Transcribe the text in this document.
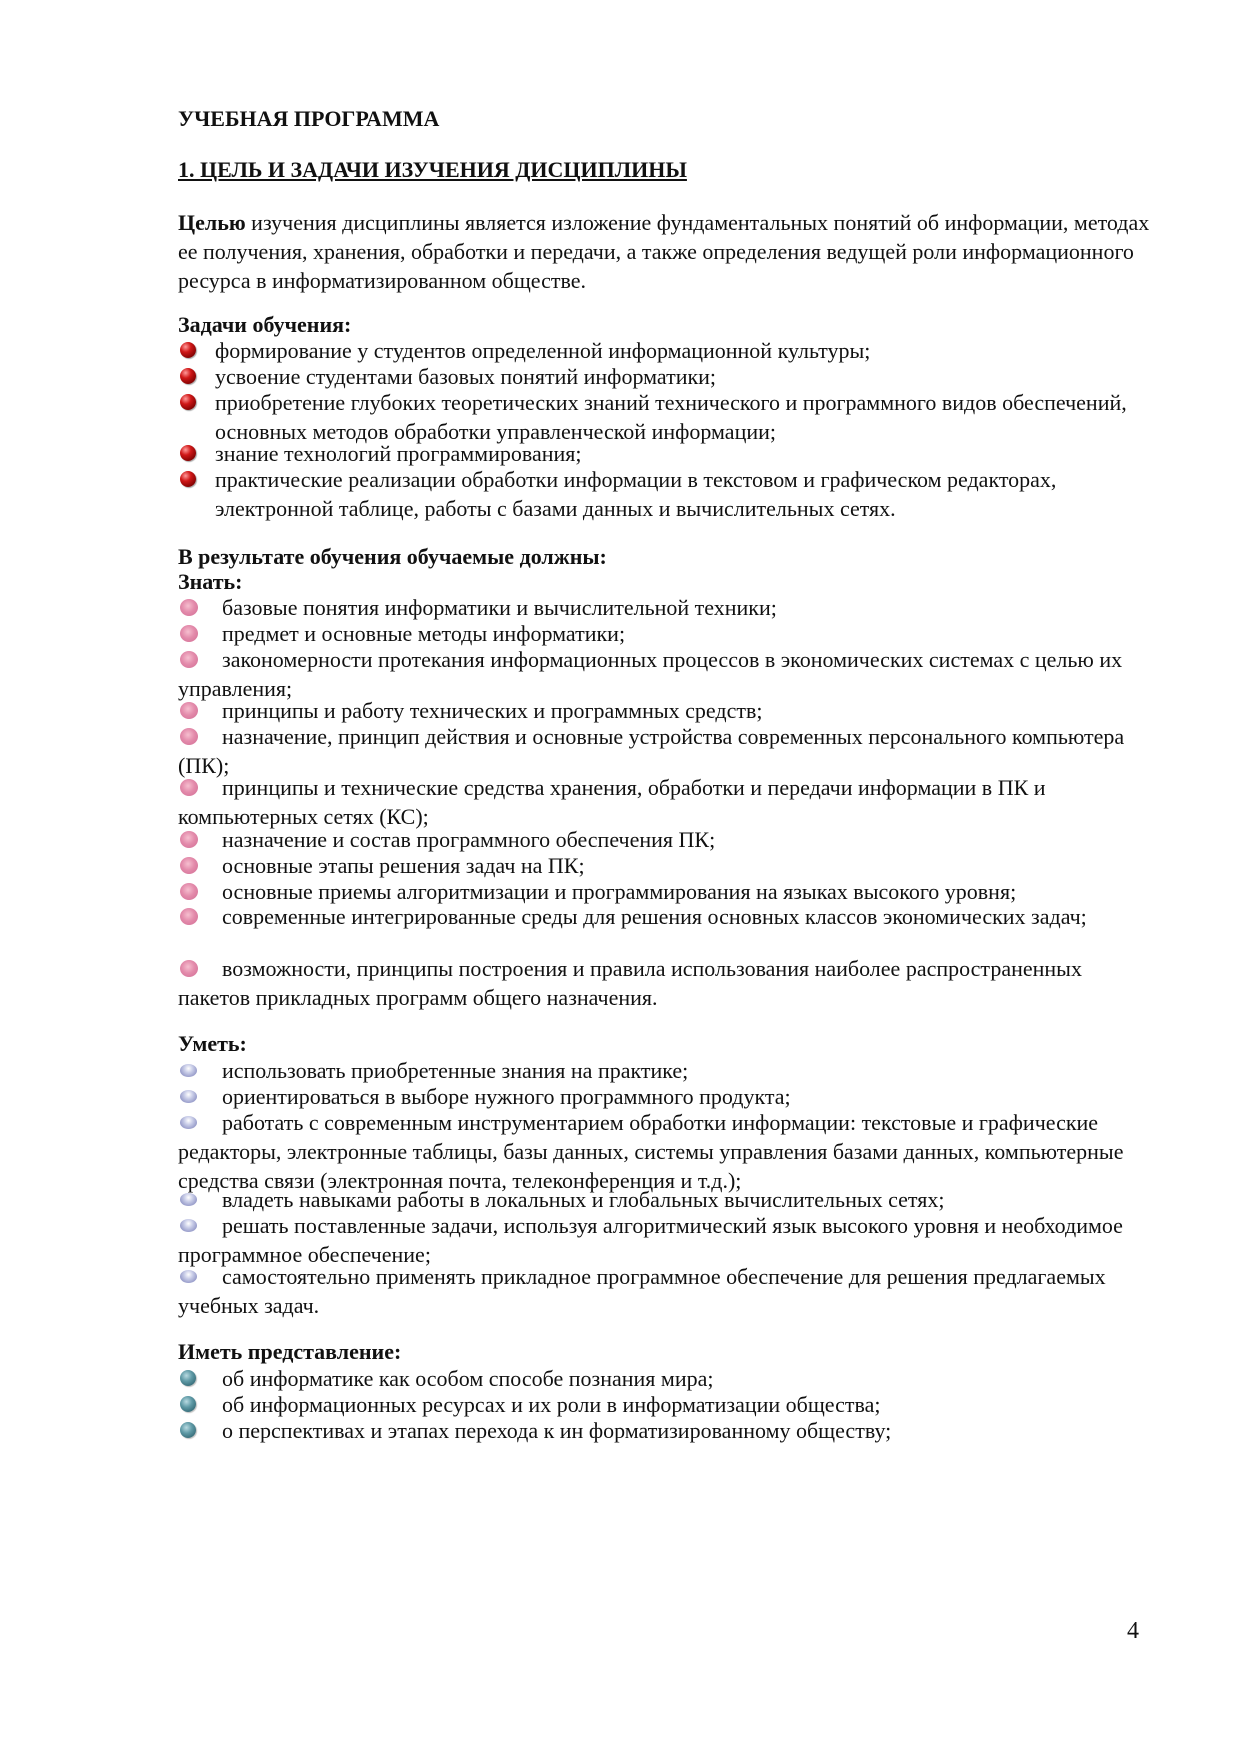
УЧЕБНАЯ ПРОГРАММА
1. ЦЕЛЬ И ЗАДАЧИ ИЗУЧЕНИЯ ДИСЦИПЛИНЫ
Целью изучения дисциплины является изложение фундаментальных понятий об информации, методах ее получения, хранения, обработки и передачи, а также определения ведущей роли информационного ресурса в информатизированном обществе.
Задачи обучения:
формирование у студентов определенной информационной культуры;
усвоение студентами базовых понятий информатики;
приобретение глубоких теоретических знаний технического и программного видов обеспечений, основных методов обработки управленческой информации;
знание технологий программирования;
практические реализации обработки информации в текстовом и графическом редакторах, электронной таблице, работы с базами данных и вычислительных сетях.
В результате обучения обучаемые должны:
Знать:
базовые понятия информатики и вычислительной техники;
предмет и основные методы информатики;
закономерности протекания информационных процессов в экономических системах с целью их управления;
принципы и работу технических и программных средств;
назначение, принцип действия и основные устройства современных персонального компьютера (ПК);
принципы и технические средства хранения, обработки и передачи информации в ПК и компьютерных сетях (КС);
назначение и состав программного обеспечения ПК;
основные этапы решения задач на ПК;
основные приемы алгоритмизации и программирования на языках высокого уровня;
современные интегрированные среды для решения основных классов экономических задач;
возможности, принципы построения и правила использования наиболее распространенных пакетов прикладных программ общего назначения.
Уметь:
использовать приобретенные знания на практике;
ориентироваться в выборе нужного программного продукта;
работать с современным инструментарием обработки информации: текстовые и графические редакторы, электронные таблицы, базы данных, системы управления базами данных, компьютерные средства связи (электронная почта, телеконференция и т.д.);
владеть навыками работы в локальных и глобальных вычислительных сетях;
решать поставленные задачи, используя алгоритмический язык высокого уровня и необходимое программное обеспечение;
самостоятельно применять прикладное программное обеспечение для решения предлагаемых учебных задач.
Иметь представление:
об информатике как особом способе познания мира;
об информационных ресурсах и их роли в информатизации общества;
о перспективах и этапах перехода к ин форматизированному обществу;
4
